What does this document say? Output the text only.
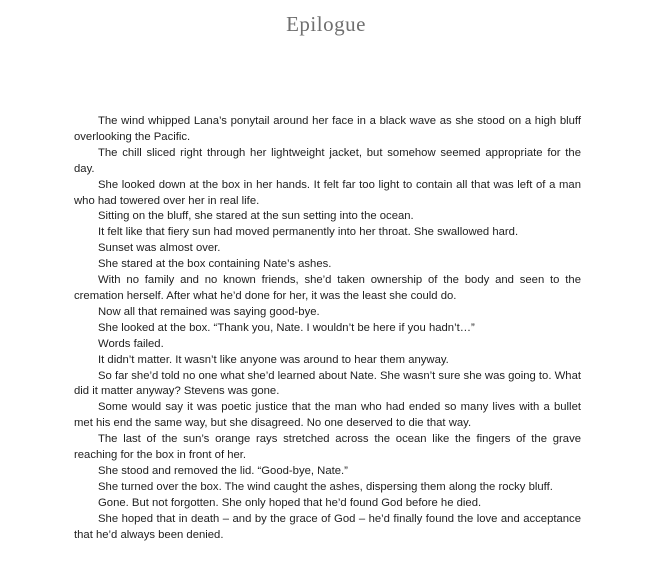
Epilogue

The wind whipped Lana’s ponytail around her face in a black wave as she stood on a high bluff overlooking the Pacific.

The chill sliced right through her lightweight jacket, but somehow seemed appropriate for the day.

She looked down at the box in her hands. It felt far too light to contain all that was left of a man who had towered over her in real life.

Sitting on the bluff, she stared at the sun setting into the ocean.

It felt like that fiery sun had moved permanently into her throat. She swallowed hard.

Sunset was almost over.

She stared at the box containing Nate’s ashes.

With no family and no known friends, she’d taken ownership of the body and seen to the cremation herself. After what he’d done for her, it was the least she could do.

Now all that remained was saying good-bye.

She looked at the box. “Thank you, Nate. I wouldn’t be here if you hadn’t…”

Words failed.

It didn’t matter. It wasn’t like anyone was around to hear them anyway.

So far she’d told no one what she’d learned about Nate. She wasn’t sure she was going to. What did it matter anyway? Stevens was gone.

Some would say it was poetic justice that the man who had ended so many lives with a bullet met his end the same way, but she disagreed. No one deserved to die that way.

The last of the sun’s orange rays stretched across the ocean like the fingers of the grave reaching for the box in front of her.

She stood and removed the lid. “Good-bye, Nate.”

She turned over the box. The wind caught the ashes, dispersing them along the rocky bluff.

Gone. But not forgotten. She only hoped that he’d found God before he died.

She hoped that in death – and by the grace of God – he’d finally found the love and acceptance that he’d always been denied.
